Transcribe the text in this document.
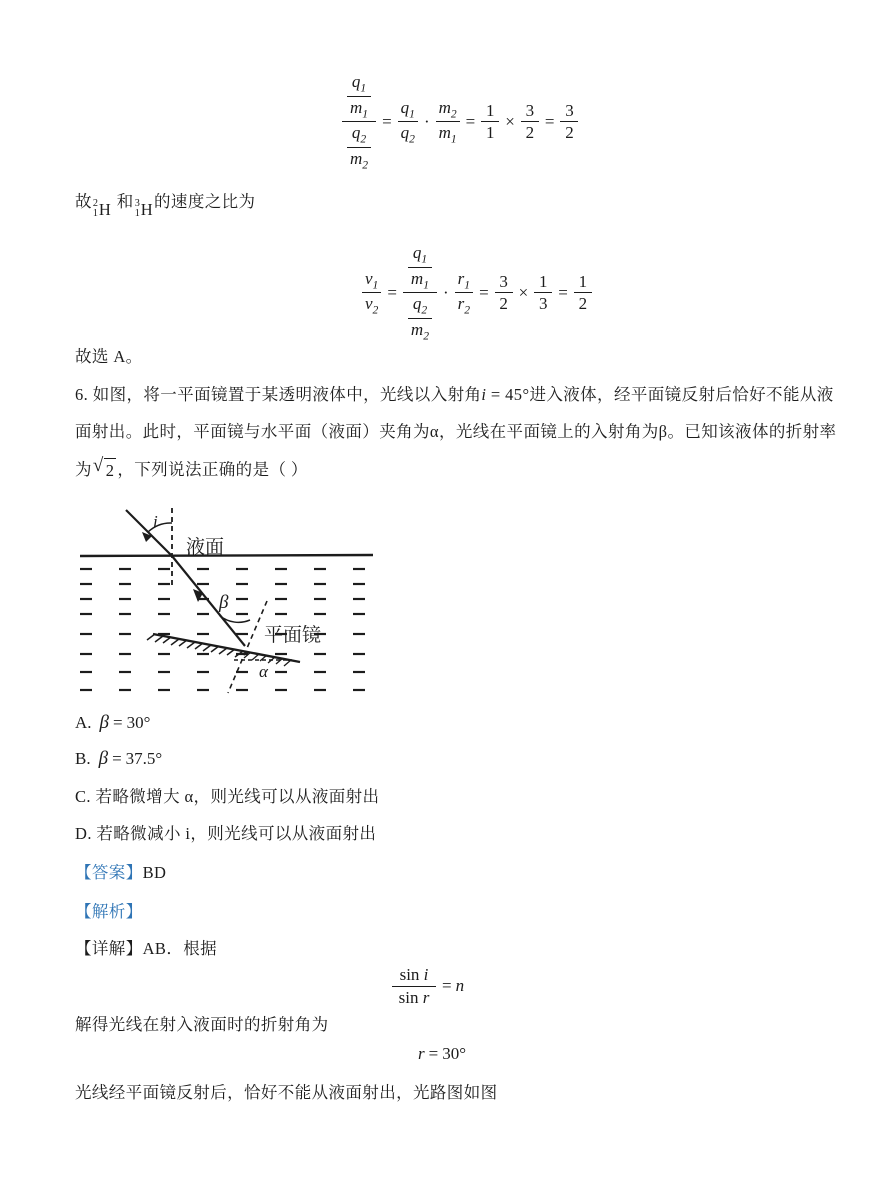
$\frac{\frac{q_1}{m_1}}{\frac{q_2}{m_2}} = \frac{q_1}{q_2} \cdot \frac{m_2}{m_1} = \frac{1}{1} \times \frac{3}{2} = \frac{3}{2}$
故 2
1 H 和 3
1 H 的速度之比为
$\frac{v_1}{v_2} = \frac{\frac{q_1}{m_1}}{\frac{q_2}{m_2}} \cdot \frac{r_1}{r_2} = \frac{3}{2} \times \frac{1}{3} = \frac{1}{2}$
故选 A。
6. 如图，将一平面镜置于某透明液体中，光线以入射角i = 45°进入液体，经平面镜反射后恰好不能从液
面射出。此时，平面镜与水平面（液面）夹角为α，光线在平面镜上的入射角为β。已知该液体的折射率
为 √ 2 ，下列说法正确的是（ ）
液面
平面镜
i
β
α
A. β = 30°
B. β = 37.5°
C. 若略微增大 α，则光线可以从液面射出
D. 若略微减小 i，则光线可以从液面射出
【答案】BD
【解析】
【详解】AB．根据
$\frac{\text{sin i}}{\text{sin r}} = n$
解得光线在射入液面时的折射角为
r = 30°
光线经平面镜反射后，恰好不能从液面射出，光路图如图
